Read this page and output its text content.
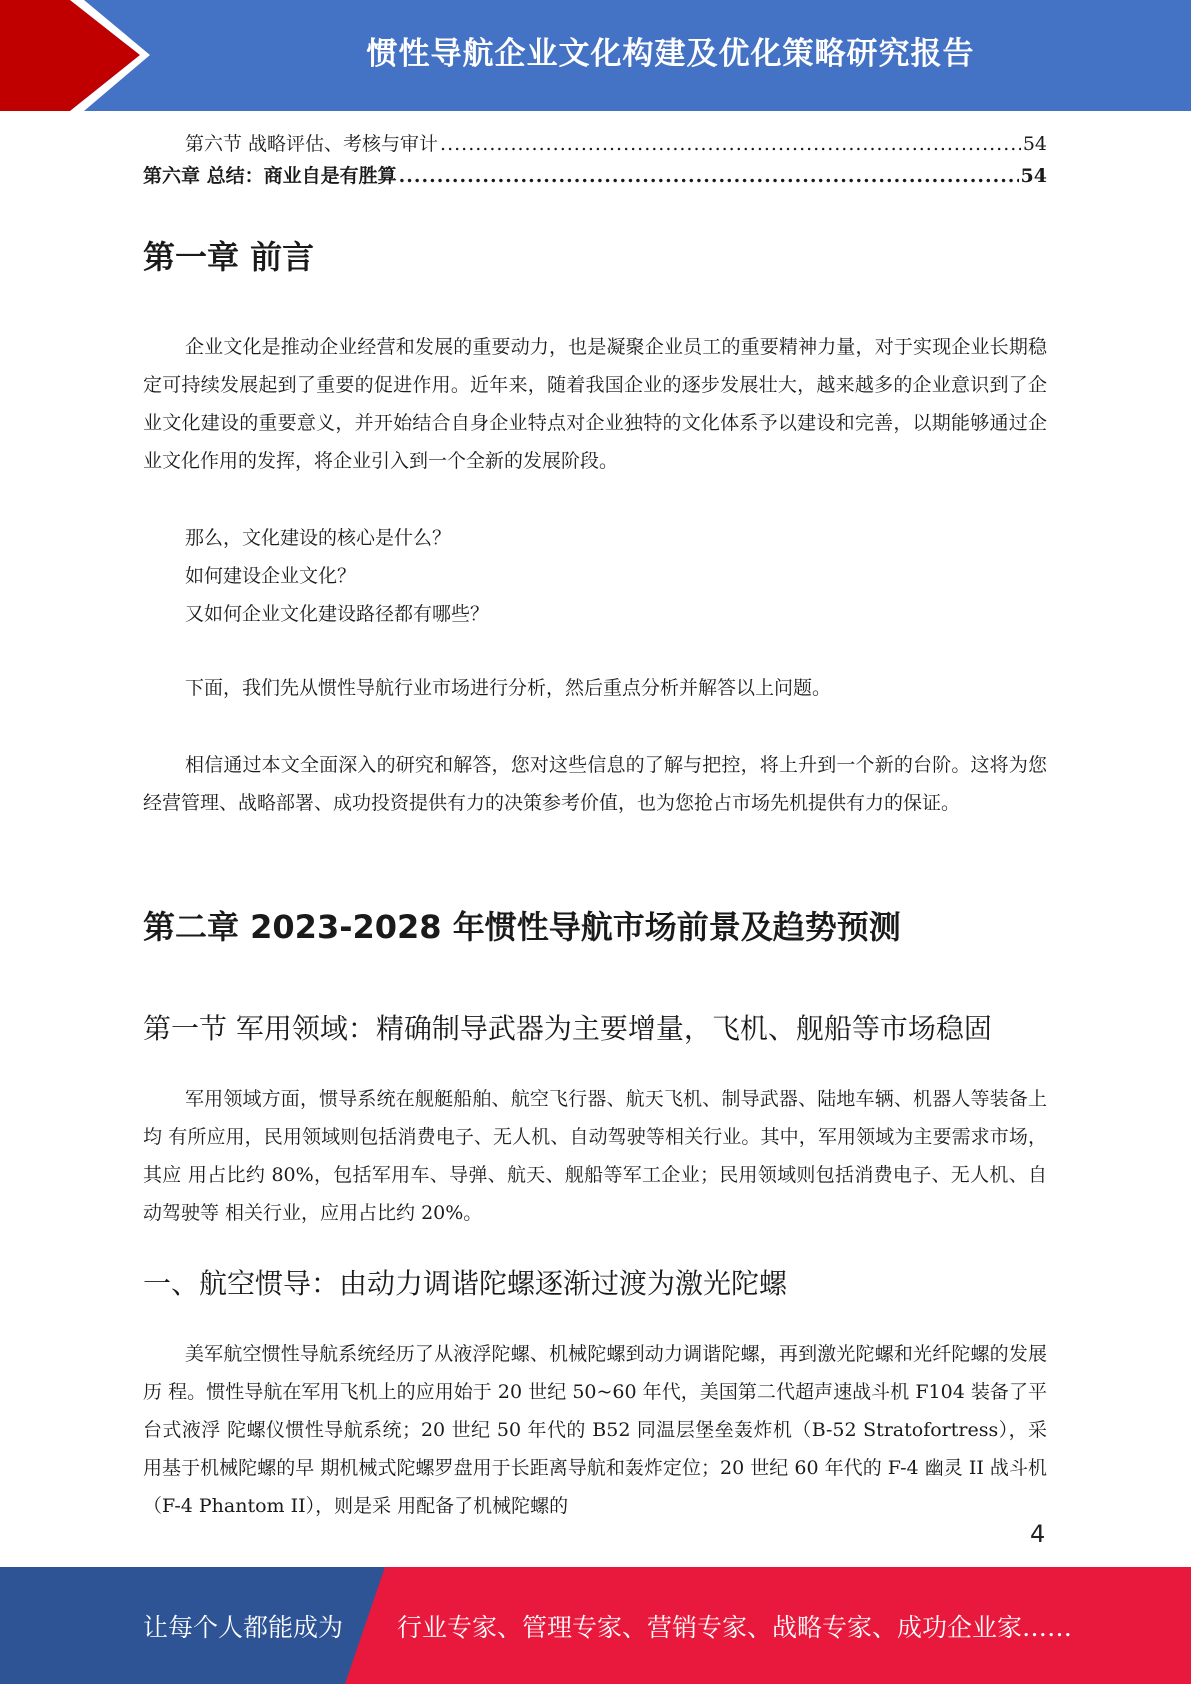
惯性导航企业文化构建及优化策略研究报告
第六节 战略评估、考核与审计 .....	54
第六章 总结：商业自是有胜算 .....	54
第一章 前言

企业文化是推动企业经营和发展的重要动力，也是凝聚企业员工的重要精神力量，对于实现企业长期稳定可持续发展起到了重要的促进作用。近年来，随着我国企业的逐步发展壮大，越来越多的企业意识到了企业文化建设的重要意义，并开始结合自身企业特点对企业独特的文化体系予以建设和完善，以期能够通过企业文化作用的发挥，将企业引入到一个全新的发展阶段。

那么，文化建设的核心是什么？
如何建设企业文化？
又如何企业文化建设路径都有哪些？

下面，我们先从惯性导航行业市场进行分析，然后重点分析并解答以上问题。

相信通过本文全面深入的研究和解答，您对这些信息的了解与把控，将上升到一个新的台阶。这将为您经营管理、战略部署、成功投资提供有力的决策参考价值，也为您抢占市场先机提供有力的保证。

第二章 2023-2028 年惯性导航市场前景及趋势预测
第一节 军用领域：精确制导武器为主要增量，飞机、舰船等市场稳固

军用领域方面，惯导系统在舰艇船舶、航空飞行器、航天飞机、制导武器、陆地车辆、机器人等装备上均 有所应用，民用领域则包括消费电子、无人机、自动驾驶等相关行业。其中，军用领域为主要需求市场，其应 用占比约 80%，包括军用车、导弹、航天、舰船等军工企业；民用领域则包括消费电子、无人机、自动驾驶等 相关行业，应用占比约 20%。

一、航空惯导：由动力调谐陀螺逐渐过渡为激光陀螺

美军航空惯性导航系统经历了从液浮陀螺、机械陀螺到动力调谐陀螺，再到激光陀螺和光纤陀螺的发展历 程。惯性导航在军用飞机上的应用始于 20 世纪 50~60 年代，美国第二代超声速战斗机 F104 装备了平台式液浮 陀螺仪惯性导航系统；20 世纪 50 年代的 B52 同温层堡垒轰炸机（B-52 Stratofortress），采用基于机械陀螺的早 期机械式陀螺罗盘用于长距离导航和轰炸定位；20 世纪 60 年代的 F-4 幽灵 II 战斗机（F-4 Phantom II），则是采 用配备了机械陀螺的

4
让每个人都能成为 行业专家、管理专家、营销专家、战略专家、成功企业家……
